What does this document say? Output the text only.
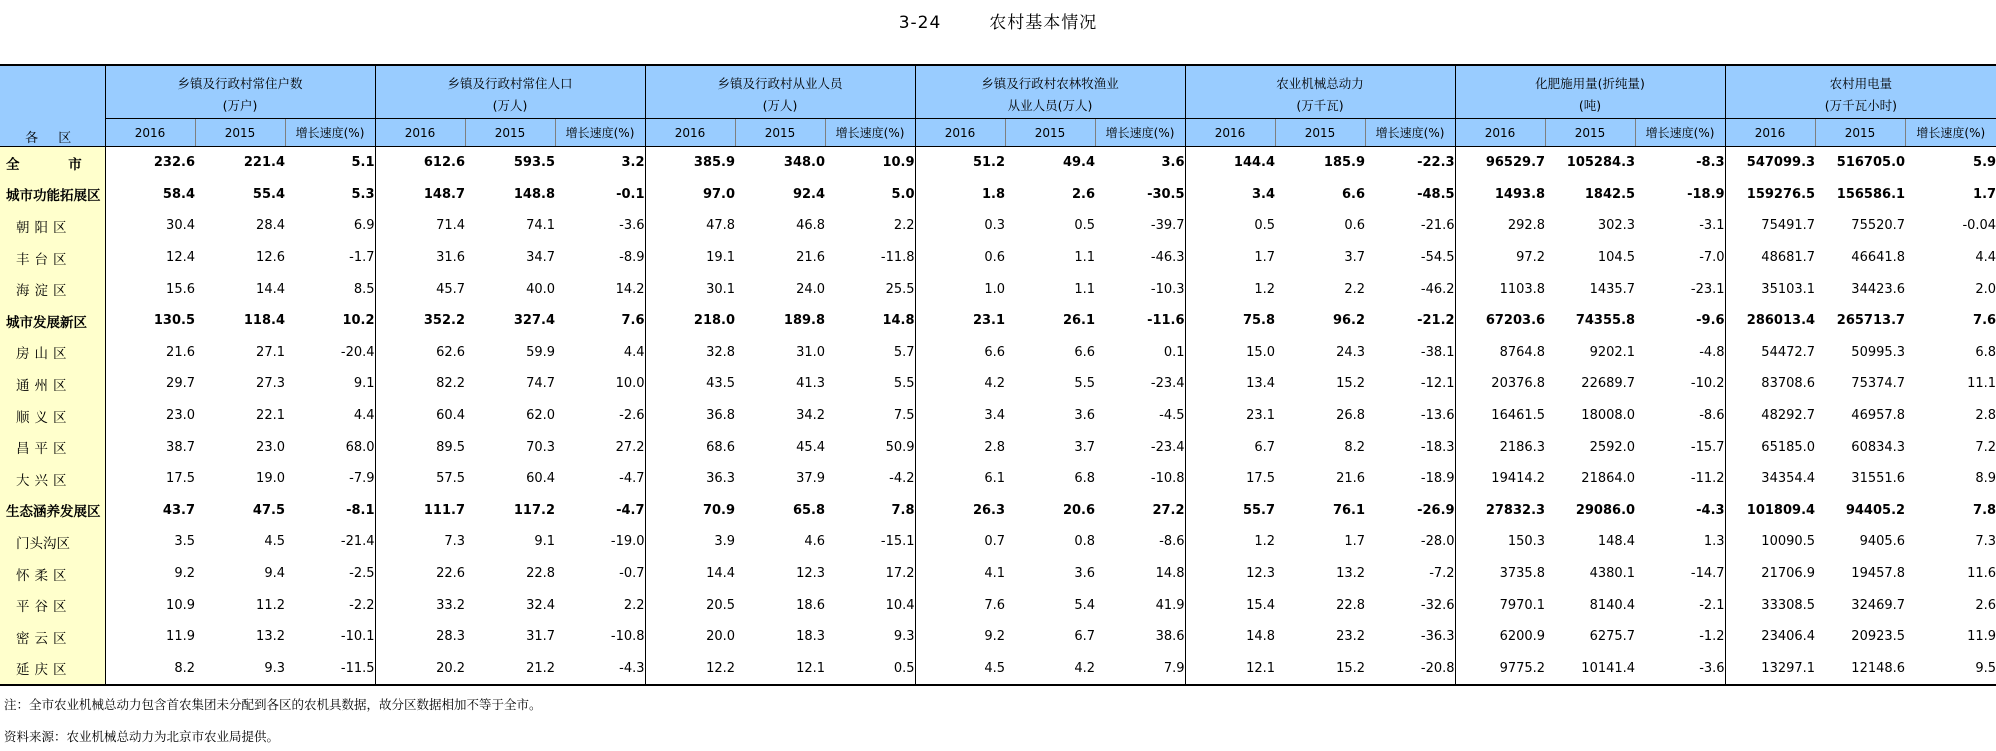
3-24	农村基本情况
各 区	乡镇及行政村常住户数			乡镇及行政村常住人口			乡镇及行政村从业人员			乡镇及行政村农林牧渔业			农业机械总动力			化肥施用量(折纯量)			农村用电量		
	(万户)			(万人)			(万人)			从业人员(万人)			(万千瓦)			(吨)			(万千瓦小时)		
	2016	2015	增长速度(%)	2016	2015	增长速度(%)	2016	2015	增长速度(%)	2016	2015	增长速度(%)	2016	2015	增长速度(%)	2016	2015	增长速度(%)	2016	2015	增长速度(%)
全 市	232.6	221.4	5.1	612.6	593.5	3.2	385.9	348.0	10.9	51.2	49.4	3.6	144.4	185.9	-22.3	96529.7	105284.3	-8.3	547099.3	516705.0	5.9
城市功能拓展区	58.4	55.4	5.3	148.7	148.8	-0.1	97.0	92.4	5.0	1.8	2.6	-30.5	3.4	6.6	-48.5	1493.8	1842.5	-18.9	159276.5	156586.1	1.7
朝阳区	30.4	28.4	6.9	71.4	74.1	-3.6	47.8	46.8	2.2	0.3	0.5	-39.7	0.5	0.6	-21.6	292.8	302.3	-3.1	75491.7	75520.7	-0.04
丰台区	12.4	12.6	-1.7	31.6	34.7	-8.9	19.1	21.6	-11.8	0.6	1.1	-46.3	1.7	3.7	-54.5	97.2	104.5	-7.0	48681.7	46641.8	4.4
海淀区	15.6	14.4	8.5	45.7	40.0	14.2	30.1	24.0	25.5	1.0	1.1	-10.3	1.2	2.2	-46.2	1103.8	1435.7	-23.1	35103.1	34423.6	2.0
城市发展新区	130.5	118.4	10.2	352.2	327.4	7.6	218.0	189.8	14.8	23.1	26.1	-11.6	75.8	96.2	-21.2	67203.6	74355.8	-9.6	286013.4	265713.7	7.6
房山区	21.6	27.1	-20.4	62.6	59.9	4.4	32.8	31.0	5.7	6.6	6.6	0.1	15.0	24.3	-38.1	8764.8	9202.1	-4.8	54472.7	50995.3	6.8
通州区	29.7	27.3	9.1	82.2	74.7	10.0	43.5	41.3	5.5	4.2	5.5	-23.4	13.4	15.2	-12.1	20376.8	22689.7	-10.2	83708.6	75374.7	11.1
顺义区	23.0	22.1	4.4	60.4	62.0	-2.6	36.8	34.2	7.5	3.4	3.6	-4.5	23.1	26.8	-13.6	16461.5	18008.0	-8.6	48292.7	46957.8	2.8
昌平区	38.7	23.0	68.0	89.5	70.3	27.2	68.6	45.4	50.9	2.8	3.7	-23.4	6.7	8.2	-18.3	2186.3	2592.0	-15.7	65185.0	60834.3	7.2
大兴区	17.5	19.0	-7.9	57.5	60.4	-4.7	36.3	37.9	-4.2	6.1	6.8	-10.8	17.5	21.6	-18.9	19414.2	21864.0	-11.2	34354.4	31551.6	8.9
生态涵养发展区	43.7	47.5	-8.1	111.7	117.2	-4.7	70.9	65.8	7.8	26.3	20.6	27.2	55.7	76.1	-26.9	27832.3	29086.0	-4.3	101809.4	94405.2	7.8
门头沟区	3.5	4.5	-21.4	7.3	9.1	-19.0	3.9	4.6	-15.1	0.7	0.8	-8.6	1.2	1.7	-28.0	150.3	148.4	1.3	10090.5	9405.6	7.3
怀柔区	9.2	9.4	-2.5	22.6	22.8	-0.7	14.4	12.3	17.2	4.1	3.6	14.8	12.3	13.2	-7.2	3735.8	4380.1	-14.7	21706.9	19457.8	11.6
平谷区	10.9	11.2	-2.2	33.2	32.4	2.2	20.5	18.6	10.4	7.6	5.4	41.9	15.4	22.8	-32.6	7970.1	8140.4	-2.1	33308.5	32469.7	2.6
密云区	11.9	13.2	-10.1	28.3	31.7	-10.8	20.0	18.3	9.3	9.2	6.7	38.6	14.8	23.2	-36.3	6200.9	6275.7	-1.2	23406.4	20923.5	11.9
延庆区	8.2	9.3	-11.5	20.2	21.2	-4.3	12.2	12.1	0.5	4.5	4.2	7.9	12.1	15.2	-20.8	9775.2	10141.4	-3.6	13297.1	12148.6	9.5
注：全市农业机械总动力包含首农集团未分配到各区的农机具数据，故分区数据相加不等于全市。
资料来源：农业机械总动力为北京市农业局提供。
